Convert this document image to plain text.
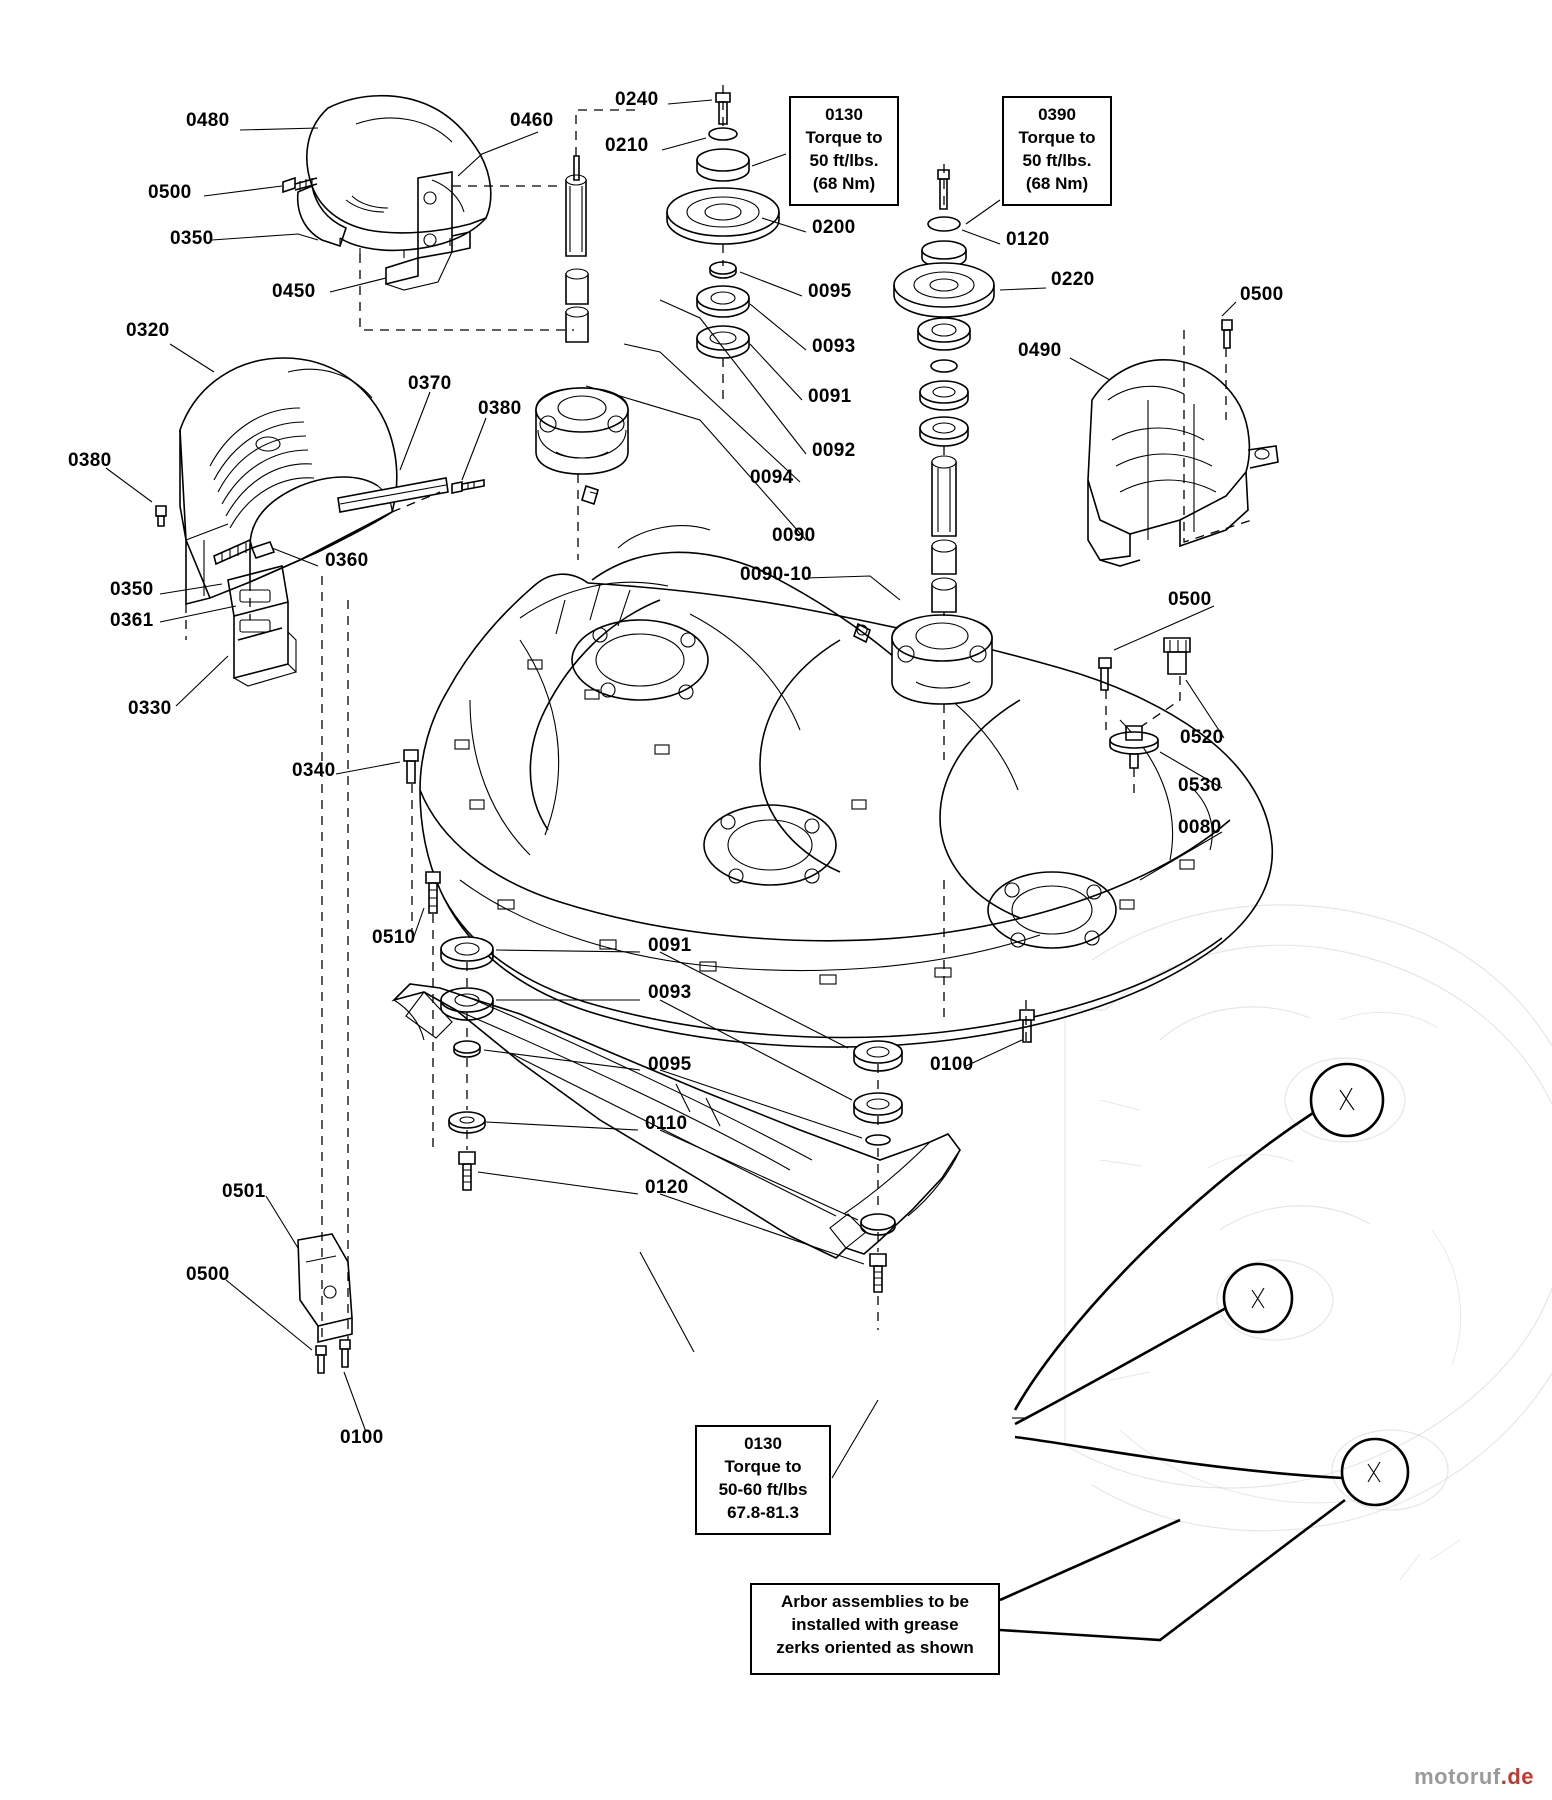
0480	0460
0500
0350
0450
0240
0210
0200
0095
0093
0091
0092
0094
0090
0090-10
0120
0220
0490
0500
0320
0370
0380
0380
0360
0350
0361
0330
0340
0510
0500
0520
0530
0080
0091
0093
0095
0110
0120
0100
0501
0500
0100
0130
Torque to
50 ft/lbs.
(68 Nm)
0390
Torque to
50 ft/lbs.
(68 Nm)
0130
Torque to
50-60 ft/lbs
67.8-81.3
Arbor assemblies to be
installed with grease
zerks oriented as shown
motoruf.de
